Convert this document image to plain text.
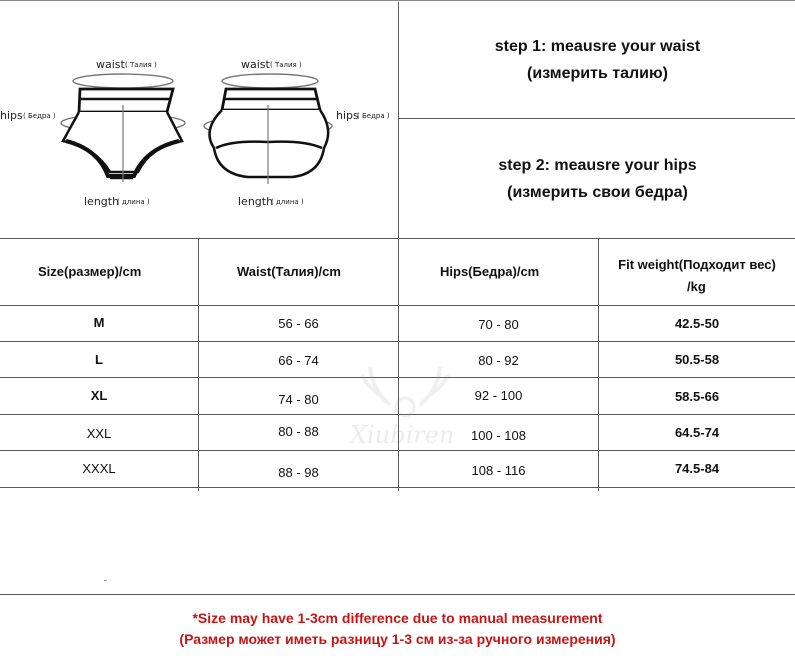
waist ( Талия )
hips ( Бедра )
length
( длина )
waist ( Талия )
hips
( Бедра )
length
( длина )
step 1: meausre your waist
(измерить талию)
step 2: meausre your hips
(измерить свои бедра)
Xiubiren
Size(размер)/cm	Waist(Талия)/cm	Hips(Бедра)/cm	Fit weight(Подходит вес)
/kg
M	56 - 66	70 - 80	42.5-50
L	66 - 74	80 - 92	50.5-58
XL	74 - 80	92 - 100	58.5-66
XXL	80 - 88	100 - 108	64.5-74
XXXL	88 - 98	108 - 116	74.5-84
*Size may have 1-3cm difference due to manual measurement
(Размер может иметь разницу 1-3 см из-за ручного измерения)
